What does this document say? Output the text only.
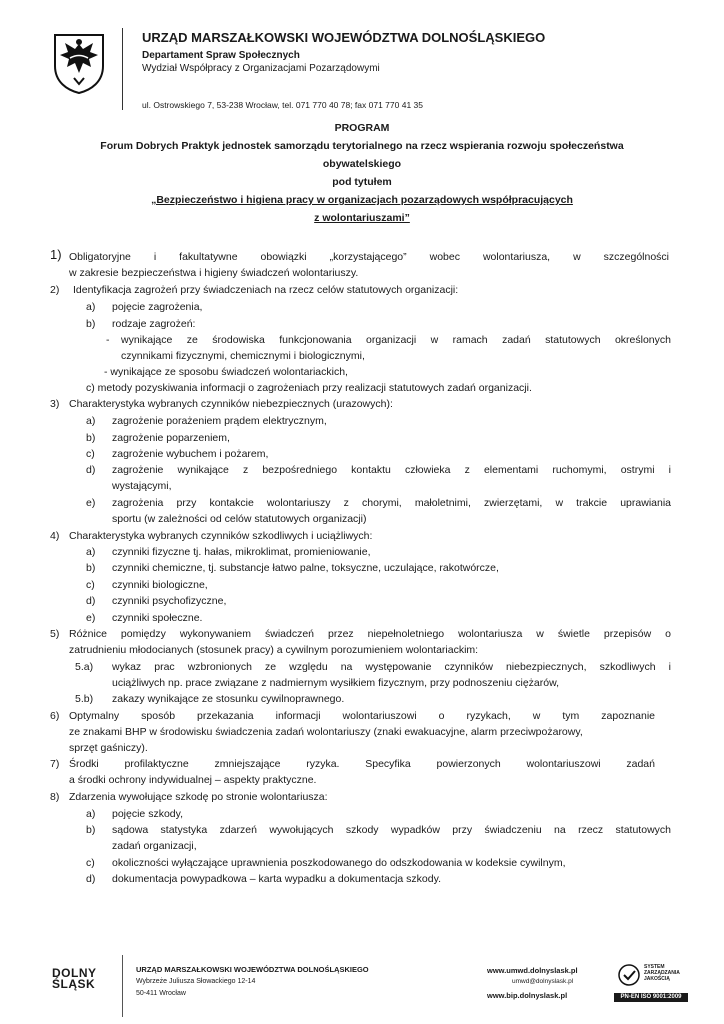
URZĄD MARSZAŁKOWSKI WOJEWÓDZTWA DOLNOŚLĄSKIEGO
Departament Spraw Społecznych
Wydział Współpracy z Organizacjami Pozarządowymi
ul. Ostrowskiego 7, 53-238 Wrocław, tel. 071 770 40 78; fax 071 770 41 35
PROGRAM
Forum Dobrych Praktyk jednostek samorządu terytorialnego na rzecz wspierania rozwoju społeczeństwa
obywatelskiego
pod tytułem
„Bezpieczeństwo i higiena pracy w organizacjach pozarządowych współpracujących
z wolontariuszami”
1) Obligatoryjne i fakultatywne obowiązki „korzystającego” wobec wolontariusza, w szczególności
w zakresie bezpieczeństwa i higieny świadczeń wolontariuszy.
2) Identyfikacja zagrożeń przy świadczeniach na rzecz celów statutowych organizacji:
a) pojęcie zagrożenia,
b) rodzaje zagrożeń:
- wynikające ze środowiska funkcjonowania organizacji w ramach zadań statutowych określonych
czynnikami fizycznymi, chemicznymi i biologicznymi,
- wynikające ze sposobu świadczeń wolontariackich,
c) metody pozyskiwania informacji o zagrożeniach przy realizacji statutowych zadań organizacji.
3) Charakterystyka wybranych czynników niebezpiecznych (urazowych):
a) zagrożenie porażeniem prądem elektrycznym,
b) zagrożenie poparzeniem,
c) zagrożenie wybuchem i pożarem,
d) zagrożenie wynikające z bezpośredniego kontaktu człowieka z elementami ruchomymi, ostrymi i
wystającymi,
e) zagrożenia przy kontakcie wolontariuszy z chorymi, małoletnimi, zwierzętami, w trakcie uprawiania
sportu (w zależności od celów statutowych organizacji)
4) Charakterystyka wybranych czynników szkodliwych i uciążliwych:
a) czynniki fizyczne tj. hałas, mikroklimat, promieniowanie,
b) czynniki chemiczne, tj. substancje łatwo palne, toksyczne, uczulające, rakotwórcze,
c) czynniki biologiczne,
d) czynniki psychofizyczne,
e) czynniki społeczne.
5) Różnice pomiędzy wykonywaniem świadczeń przez niepełnoletniego wolontariusza w świetle przepisów o
zatrudnieniu młodocianych (stosunek pracy) a cywilnym porozumieniem wolontariackim:
5.a) wykaz prac wzbronionych ze względu na występowanie czynników niebezpiecznych, szkodliwych i
uciążliwych np. prace związane z nadmiernym wysiłkiem fizycznym, przy podnoszeniu ciężarów,
5.b) zakazy wynikające ze stosunku cywilnoprawnego.
6) Optymalny sposób przekazania informacji wolontariuszowi o ryzykach, w tym zapoznanie
ze znakami BHP w środowisku świadczenia zadań wolontariuszy (znaki ewakuacyjne, alarm przeciwpożarowy,
sprzęt gaśniczy).
7) Środki profilaktyczne zmniejszające ryzyka. Specyfika powierzonych wolontariuszowi zadań
a środki ochrony indywidualnej – aspekty praktyczne.
8) Zdarzenia wywołujące szkodę po stronie wolontariusza:
a) pojęcie szkody,
b) sądowa statystyka zdarzeń wywołujących szkody wypadków przy świadczeniu na rzecz statutowych
zadań organizacji,
c) okoliczności wyłączające uprawnienia poszkodowanego do odszkodowania w kodeksie cywilnym,
d) dokumentacja powypadkowa – karta wypadku a dokumentacja szkody.
DOLNY
ŚLĄSK
URZĄD MARSZAŁKOWSKI WOJEWÓDZTWA DOLNOŚLĄSKIEGO
Wybrzeże Juliusza Słowackiego 12-14
50-411 Wrocław
www.umwd.dolnyslask.pl
umwd@dolnyslask.pl
www.bip.dolnyslask.pl
SYSTEM ZARZĄDZANIA JAKOŚCIĄ
PN-EN ISO 9001:2009
